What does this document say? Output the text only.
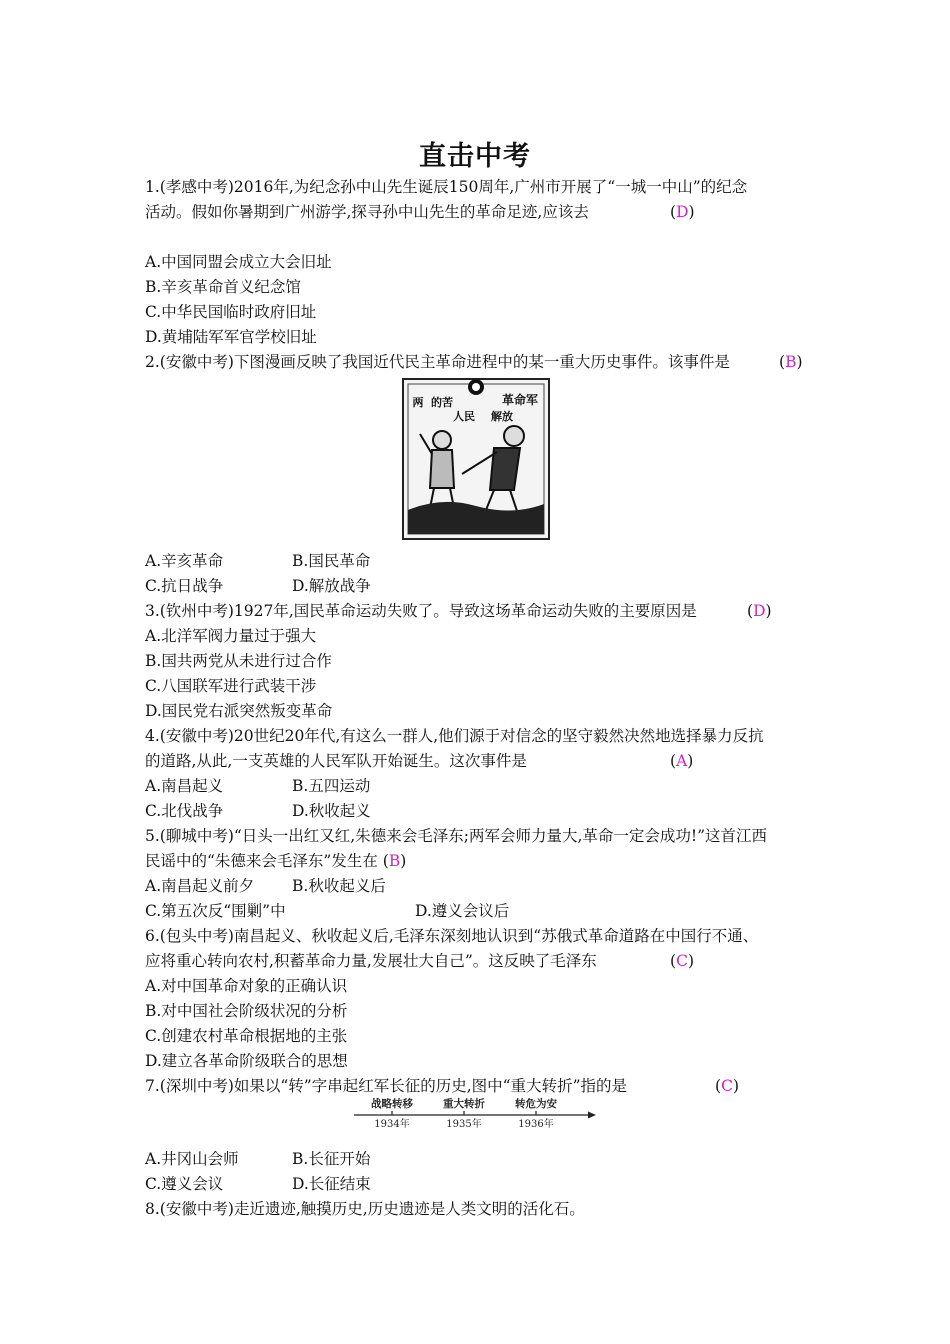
直击中考
1.(孝感中考)2016年,为纪念孙中山先生诞辰150周年,广州市开展了“一城一中山”的纪念
活动。假如你暑期到广州游学,探寻孙中山先生的革命足迹,应该去	(D)
A.中国同盟会成立大会旧址
B.辛亥革命首义纪念馆
C.中华民国临时政府旧址
D.黄埔陆军军官学校旧址
2.(安徽中考)下图漫画反映了我国近代民主革命进程中的某一重大历史事件。该事件是	(B)
革命军
解放
人民
的苦
两
A.辛亥革命	B.国民革命
C.抗日战争	D.解放战争
3.(钦州中考)1927年,国民革命运动失败了。导致这场革命运动失败的主要原因是	(D)
A.北洋军阀力量过于强大
B.国共两党从未进行过合作
C.八国联军进行武装干涉
D.国民党右派突然叛变革命
4.(安徽中考)20世纪20年代,有这么一群人,他们源于对信念的坚守毅然决然地选择暴力反抗
的道路,从此,一支英雄的人民军队开始诞生。这次事件是	(A)
A.南昌起义	B.五四运动
C.北伐战争	D.秋收起义
5.(聊城中考)“日头一出红又红,朱德来会毛泽东;两军会师力量大,革命一定会成功!”这首江西
民谣中的“朱德来会毛泽东”发生在 (B)
A.南昌起义前夕 B.秋收起义后
C.第五次反“围剿”中	D.遵义会议后
6.(包头中考)南昌起义、秋收起义后,毛泽东深刻地认识到“苏俄式革命道路在中国行不通、
应将重心转向农村,积蓄革命力量,发展壮大自己”。这反映了毛泽东	(C)
A.对中国革命对象的正确认识
B.对中国社会阶级状况的分析
C.创建农村革命根据地的主张
D.建立各革命阶级联合的思想
7.(深圳中考)如果以“转”字串起红军长征的历史,图中“重大转折”指的是	(C)
战略转移	重大转折	转危为安
1934年	1935年	1936年
A.井冈山会师	B.长征开始
C.遵义会议	D.长征结束
8.(安徽中考)走近遗迹,触摸历史,历史遗迹是人类文明的活化石。
